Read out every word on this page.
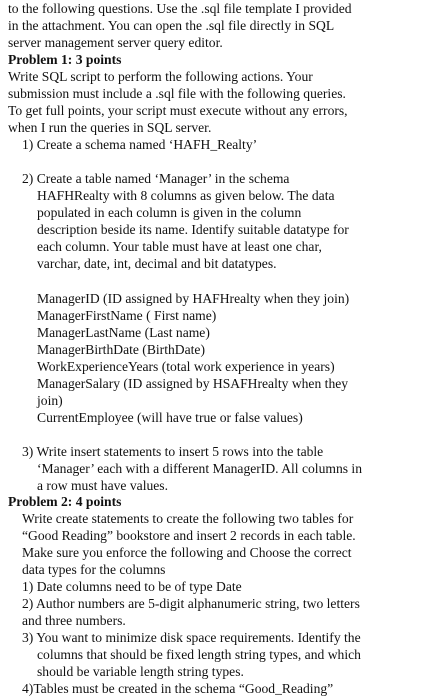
to the following questions. Use the .sql file template I provided
in the attachment. You can open the .sql file directly in SQL
server management server query editor.
Problem 1: 3 points
Write SQL script to perform the following actions. Your
submission must include a .sql file with the following queries.
To get full points, your script must execute without any errors,
when I run the queries in SQL server.
1) Create a schema named ‘HAFH_Realty’
2) Create a table named ‘Manager’ in the schema
HAFHRealty with 8 columns as given below. The data
populated in each column is given in the column
description beside its name. Identify suitable datatype for
each column. Your table must have at least one char,
varchar, date, int, decimal and bit datatypes.
ManagerID (ID assigned by HAFHrealty when they join)
ManagerFirstName ( First name)
ManagerLastName (Last name)
ManagerBirthDate (BirthDate)
WorkExperienceYears (total work experience in years)
ManagerSalary (ID assigned by HSAFHrealty when they
join)
CurrentEmployee (will have true or false values)
3) Write insert statements to insert 5 rows into the table
‘Manager’ each with a different ManagerID. All columns in
a row must have values.
Problem 2: 4 points
Write create statements to create the following two tables for
“Good Reading” bookstore and insert 2 records in each table.
Make sure you enforce the following and Choose the correct
data types for the columns
1) Date columns need to be of type Date
2) Author numbers are 5-digit alphanumeric string, two letters
and three numbers.
3) You want to minimize disk space requirements. Identify the
columns that should be fixed length string types, and which
should be variable length string types.
4)Tables must be created in the schema “Good_Reading”
